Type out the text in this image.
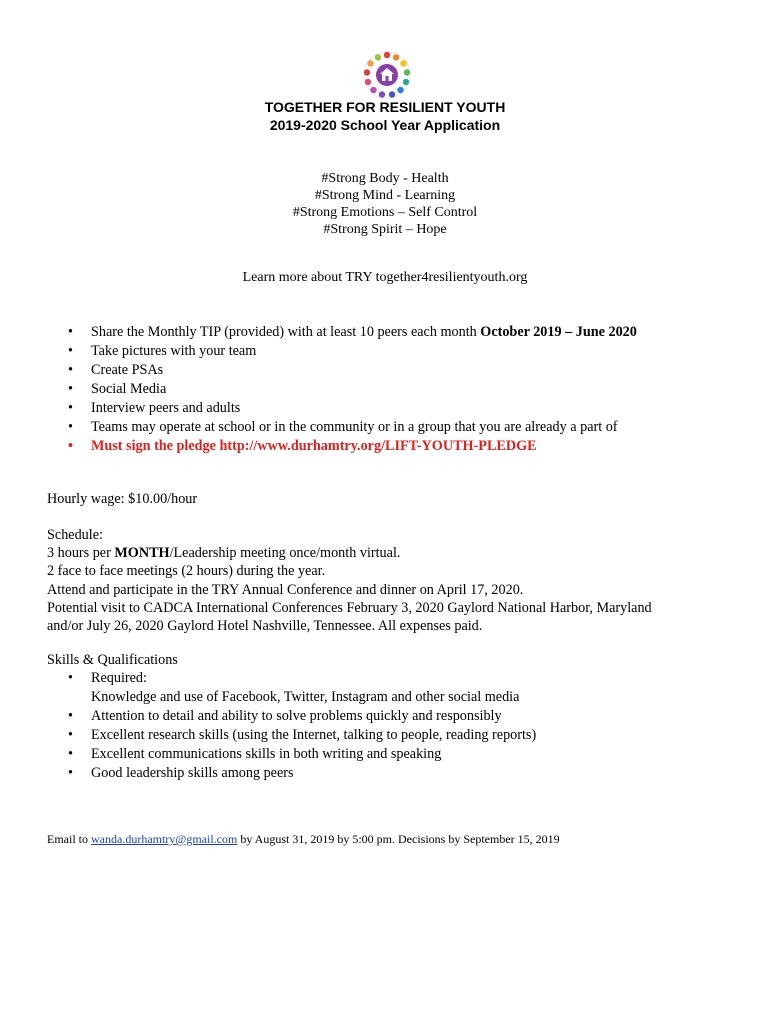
TOGETHER FOR RESILIENT YOUTH
2019-2020 School Year Application
#Strong Body - Health
#Strong Mind - Learning
#Strong Emotions – Self Control
#Strong Spirit – Hope
Learn more about TRY together4resilientyouth.org
• Share the Monthly TIP (provided) with at least 10 peers each month October 2019 – June 2020
• Take pictures with your team
• Create PSAs
• Social Media
• Interview peers and adults
• Teams may operate at school or in the community or in a group that you are already a part of
• Must sign the pledge http://www.durhamtry.org/LIFT-YOUTH-PLEDGE
Hourly wage: $10.00/hour
Schedule:
3 hours per MONTH/Leadership meeting once/month virtual.
2 face to face meetings (2 hours) during the year.
Attend and participate in the TRY Annual Conference and dinner on April 17, 2020.
Potential visit to CADCA International Conferences February 3, 2020 Gaylord National Harbor, Maryland
and/or July 26, 2020 Gaylord Hotel Nashville, Tennessee. All expenses paid.
Skills & Qualifications
• Required:
Knowledge and use of Facebook, Twitter, Instagram and other social media
• Attention to detail and ability to solve problems quickly and responsibly
• Excellent research skills (using the Internet, talking to people, reading reports)
• Excellent communications skills in both writing and speaking
• Good leadership skills among peers
Email to wanda.durhamtry@gmail.com by August 31, 2019 by 5:00 pm. Decisions by September 15, 2019
